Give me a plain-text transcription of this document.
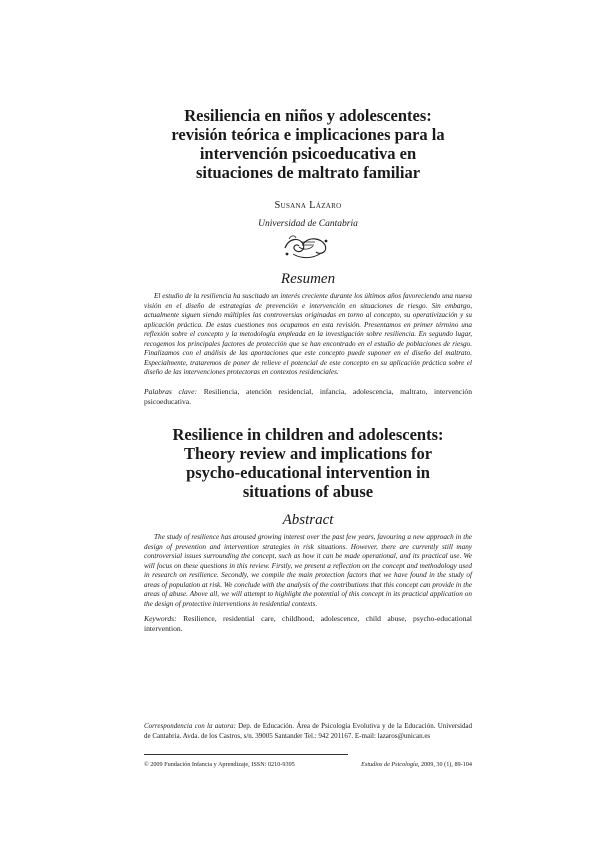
Resiliencia en niños y adolescentes:
revisión teórica e implicaciones para la
intervención psicoeducativa en
situaciones de maltrato familiar
Susana Lázaro
Universidad de Cantabria
Resumen
El estudio de la resiliencia ha suscitado un interés creciente durante los últimos años favoreciendo una nueva visión en el diseño de estrategias de prevención e intervención en situaciones de riesgo. Sin embargo, actualmente siguen siendo múltiples las controversias originadas en torno al concepto, su operativización y su aplicación práctica. De estas cuestiones nos ocupamos en esta revisión. Presentamos en primer término una reflexión sobre el concepto y la metodología empleada en la investigación sobre resiliencia. En segundo lugar, recogemos los principales factores de protección que se han encontrado en el estudio de poblaciones de riesgo. Finalizamos con el análisis de las aportaciones que este concepto puede suponer en el diseño del maltrato. Especialmente, trataremos de poner de relieve el potencial de este concepto en su aplicación práctica sobre el diseño de las intervenciones protectoras en contextos residenciales.
Palabras clave: Resiliencia, atención residencial, infancia, adolescencia, maltrato, intervención psicoeducativa.
Resilience in children and adolescents:
Theory review and implications for
psycho-educational intervention in
situations of abuse
Abstract
The study of resilience has aroused growing interest over the past few years, favouring a new approach in the design of prevention and intervention strategies in risk situations. However, there are currently still many controversial issues surrounding the concept, such as how it can be made operational, and its practical use. We will focus on these questions in this review. Firstly, we present a reflection on the concept and methodology used in research on resilience. Secondly, we compile the main protection factors that we have found in the study of areas of population at risk. We conclude with the analysis of the contributions that this concept can provide in the areas of abuse. Above all, we will attempt to highlight the potential of this concept in its practical application on the design of protective interventions in residential contexts.
Keywords: Resilience, residential care, childhood, adolescence, child abuse, psycho-educational intervention.
Correspondencia con la autora: Dep. de Educación. Área de Psicología Evolutiva y de la Educación. Universidad de Cantabria. Avda. de los Castros, s/n. 39005 Santander Tel.: 942 201167. E-mail: lazaros@unican.es
© 2009 Fundación Infancia y Aprendizaje, ISSN: 0210-9395	Estudios de Psicología, 2009, 30 (1), 89-104
